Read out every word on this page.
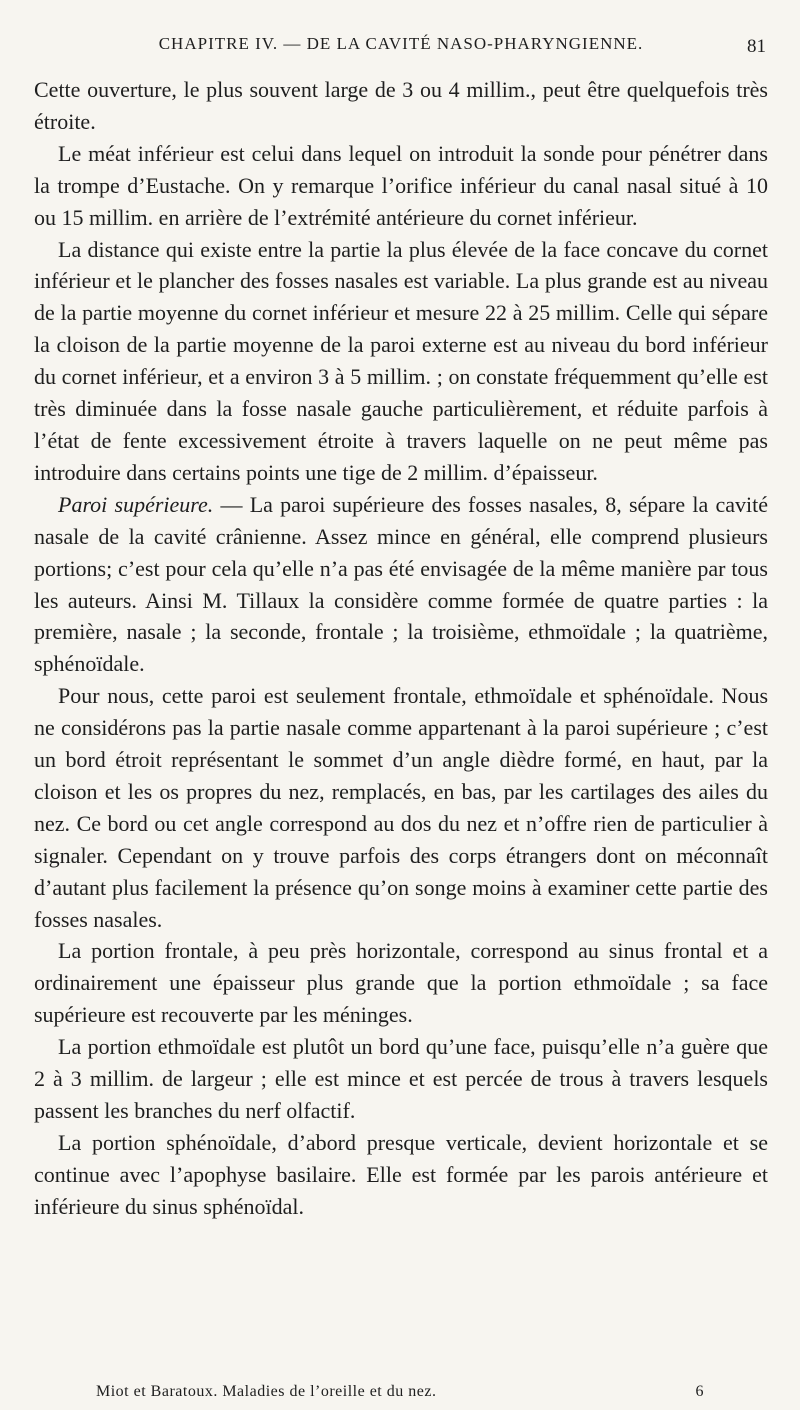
CHAPITRE IV. — DE LA CAVITÉ NASO-PHARYNGIENNE.	81

Cette ouverture, le plus souvent large de 3 ou 4 millim., peut être quelquefois très étroite.

Le méat inférieur est celui dans lequel on introduit la sonde pour pénétrer dans la trompe d’Eustache. On y remarque l’orifice inférieur du canal nasal situé à 10 ou 15 millim. en arrière de l’extrémité antérieure du cornet inférieur.

La distance qui existe entre la partie la plus élevée de la face concave du cornet inférieur et le plancher des fosses nasales est variable. La plus grande est au niveau de la partie moyenne du cornet inférieur et mesure 22 à 25 millim. Celle qui sépare la cloison de la partie moyenne de la paroi externe est au niveau du bord inférieur du cornet inférieur, et a environ 3 à 5 millim. ; on constate fréquemment qu’elle est très diminuée dans la fosse nasale gauche particulièrement, et réduite parfois à l’état de fente excessivement étroite à travers laquelle on ne peut même pas introduire dans certains points une tige de 2 millim. d’épaisseur.

Paroi supérieure. — La paroi supérieure des fosses nasales, 8, sépare la cavité nasale de la cavité crânienne. Assez mince en général, elle comprend plusieurs portions; c’est pour cela qu’elle n’a pas été envisagée de la même manière par tous les auteurs. Ainsi M. Tillaux la considère comme formée de quatre parties : la première, nasale ; la seconde, frontale ; la troisième, ethmoïdale ; la quatrième, sphénoïdale.

Pour nous, cette paroi est seulement frontale, ethmoïdale et sphénoïdale. Nous ne considérons pas la partie nasale comme appartenant à la paroi supérieure ; c’est un bord étroit représentant le sommet d’un angle dièdre formé, en haut, par la cloison et les os propres du nez, remplacés, en bas, par les cartilages des ailes du nez. Ce bord ou cet angle correspond au dos du nez et n’offre rien de particulier à signaler. Cependant on y trouve parfois des corps étrangers dont on méconnaît d’autant plus facilement la présence qu’on songe moins à examiner cette partie des fosses nasales.

La portion frontale, à peu près horizontale, correspond au sinus frontal et a ordinairement une épaisseur plus grande que la portion ethmoïdale ; sa face supérieure est recouverte par les méninges.

La portion ethmoïdale est plutôt un bord qu’une face, puisqu’elle n’a guère que 2 à 3 millim. de largeur ; elle est mince et est percée de trous à travers lesquels passent les branches du nerf olfactif.

La portion sphénoïdale, d’abord presque verticale, devient horizontale et se continue avec l’apophyse basilaire. Elle est formée par les parois antérieure et inférieure du sinus sphénoïdal.

Miot et Baratoux. Maladies de l’oreille et du nez.	6
